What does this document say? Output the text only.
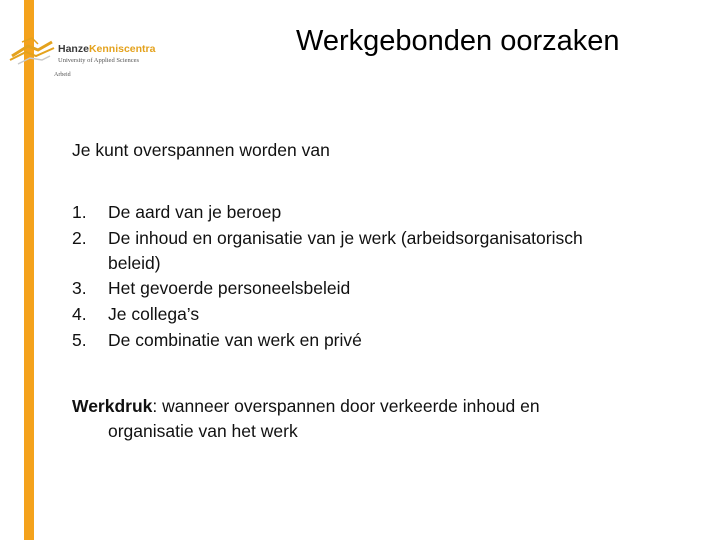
HanzeKenniscentra
University of Applied Sciences
Arbeid
Werkgebonden oorzaken
Je kunt overspannen worden van
1. De aard van je beroep
2. De inhoud en organisatie van je werk (arbeidsorganisatorisch
beleid)
3. Het gevoerde personeelsbeleid
4. Je collega’s
5. De combinatie van werk en privé
Werkdruk: wanneer overspannen door verkeerde inhoud en
organisatie van het werk
